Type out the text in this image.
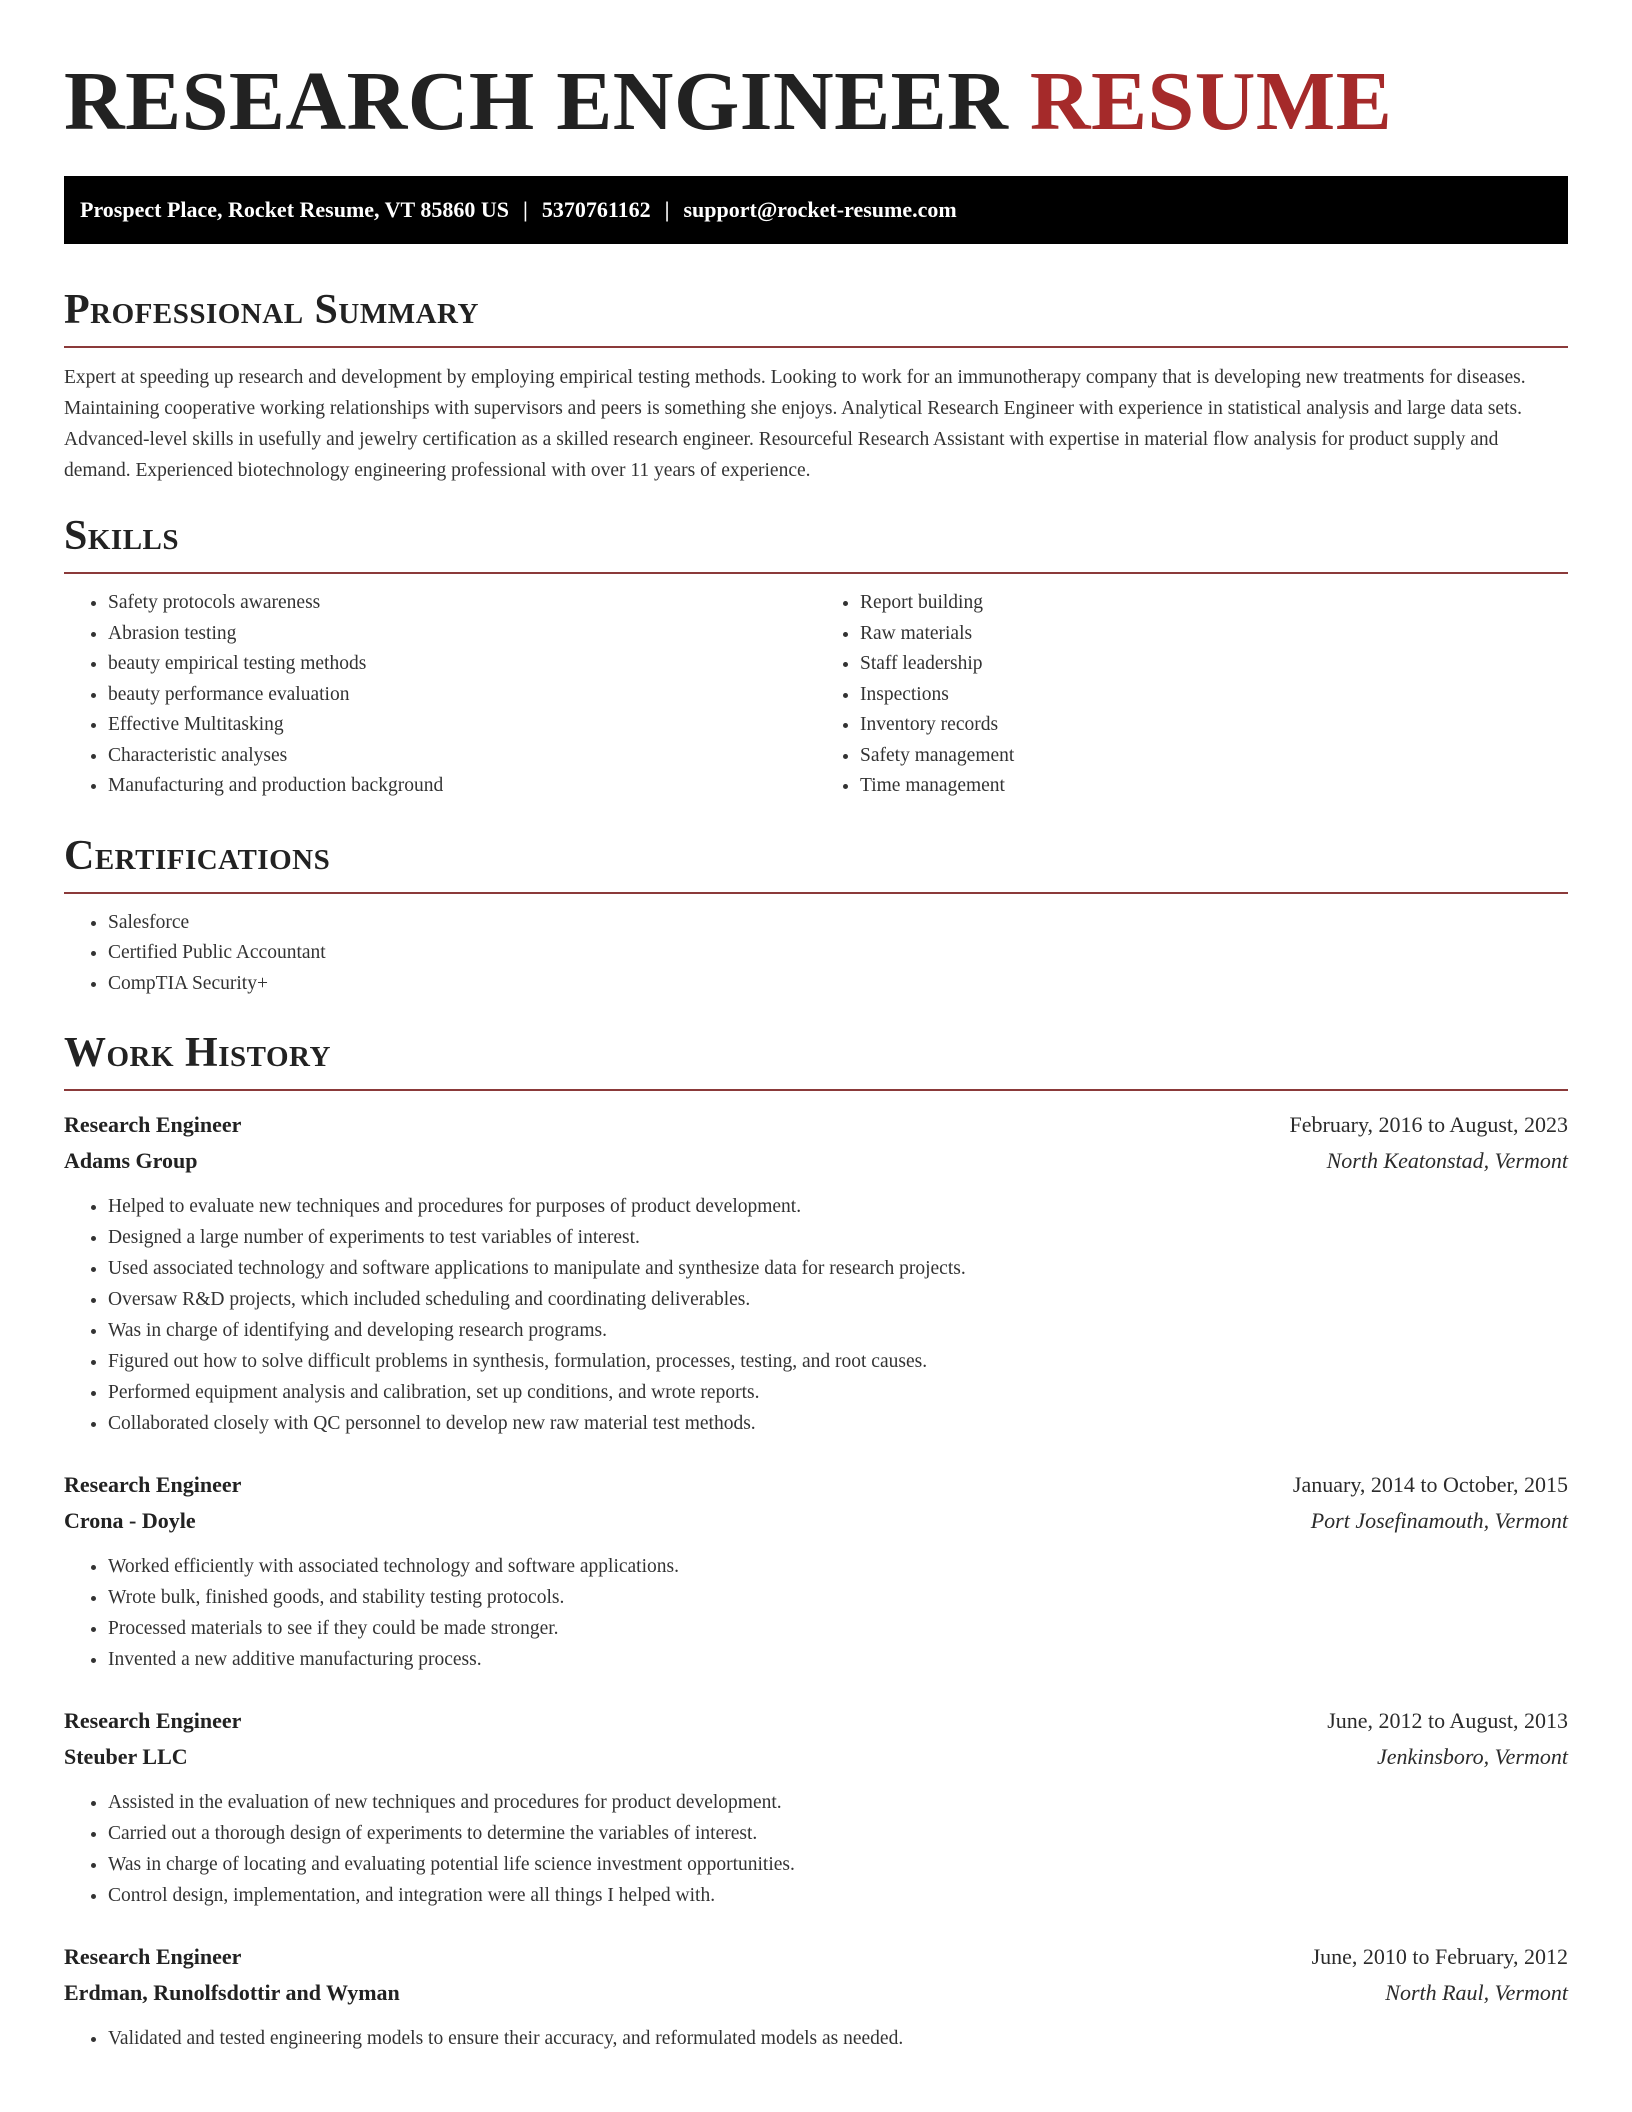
RESEARCH ENGINEER RESUME
Prospect Place, Rocket Resume, VT 85860 US | 5370761162 | support@rocket-resume.com
Professional Summary

Expert at speeding up research and development by employing empirical testing methods. Looking to work for an immunotherapy company that is developing new treatments for diseases. Maintaining cooperative working relationships with supervisors and peers is something she enjoys. Analytical Research Engineer with experience in statistical analysis and large data sets. Advanced-level skills in usefully and jewelry certification as a skilled research engineer. Resourceful Research Assistant with expertise in material flow analysis for product supply and demand. Experienced biotechnology engineering professional with over 11 years of experience.

Skills
• Safety protocols awareness
• Abrasion testing
• beauty empirical testing methods
• beauty performance evaluation
• Effective Multitasking
• Characteristic analyses
• Manufacturing and production background
• Report building
• Raw materials
• Staff leadership
• Inspections
• Inventory records
• Safety management
• Time management
Certifications
• Salesforce
• Certified Public Accountant
• CompTIA Security+
Work History
Research Engineer	February, 2016 to August, 2023
Adams Group	North Keatonstad, Vermont
• Helped to evaluate new techniques and procedures for purposes of product development.
• Designed a large number of experiments to test variables of interest.
• Used associated technology and software applications to manipulate and synthesize data for research projects.
• Oversaw R&D projects, which included scheduling and coordinating deliverables.
• Was in charge of identifying and developing research programs.
• Figured out how to solve difficult problems in synthesis, formulation, processes, testing, and root causes.
• Performed equipment analysis and calibration, set up conditions, and wrote reports.
• Collaborated closely with QC personnel to develop new raw material test methods.
Research Engineer	January, 2014 to October, 2015
Crona - Doyle	Port Josefinamouth, Vermont
• Worked efficiently with associated technology and software applications.
• Wrote bulk, finished goods, and stability testing protocols.
• Processed materials to see if they could be made stronger.
• Invented a new additive manufacturing process.
Research Engineer	June, 2012 to August, 2013
Steuber LLC	Jenkinsboro, Vermont
• Assisted in the evaluation of new techniques and procedures for product development.
• Carried out a thorough design of experiments to determine the variables of interest.
• Was in charge of locating and evaluating potential life science investment opportunities.
• Control design, implementation, and integration were all things I helped with.
Research Engineer	June, 2010 to February, 2012
Erdman, Runolfsdottir and Wyman	North Raul, Vermont
• Validated and tested engineering models to ensure their accuracy, and reformulated models as needed.
